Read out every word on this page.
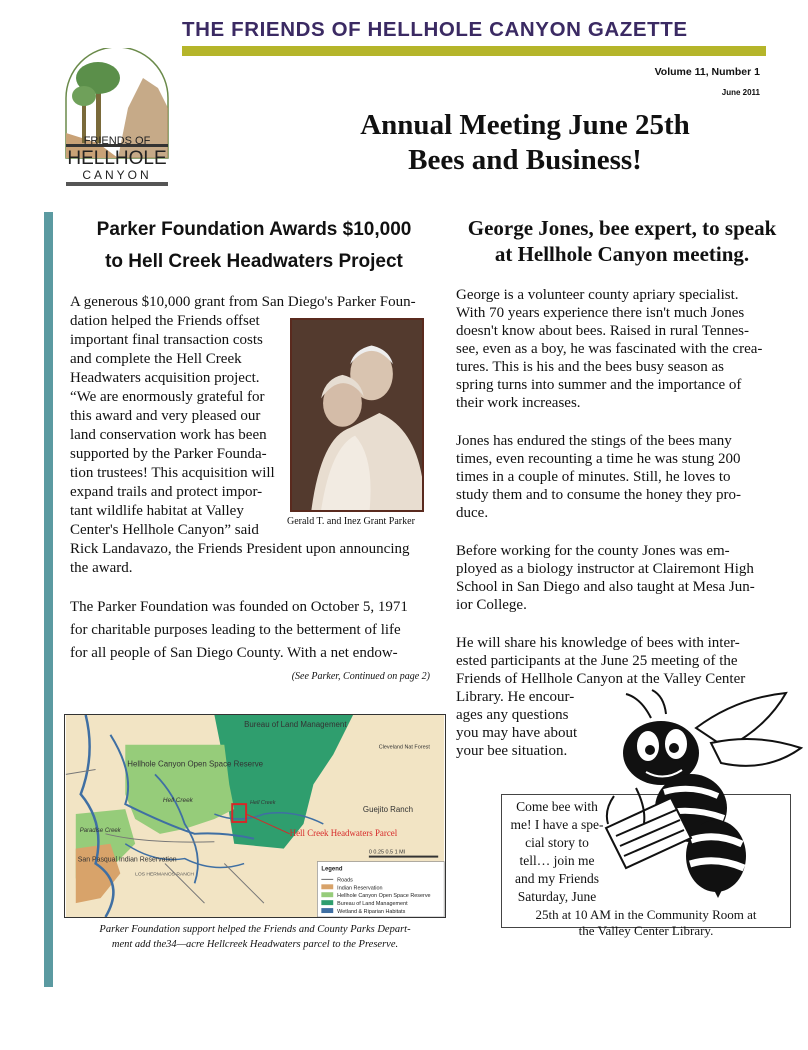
THE FRIENDS OF HELLHOLE CANYON GAZETTE
Volume 11, Number 1
June 2011
FRIENDS OF
HELLHOLE
CANYON
Annual Meeting June 25th
Bees and Business!
Parker Foundation Awards $10,000
to Hell Creek Headwaters Project
A generous $10,000 grant from San Diego's Parker Foun-
dation helped the Friends offset
important final transaction costs
and complete the Hell Creek
Headwaters acquisition project.
“We are enormously grateful for
this award and very pleased our
land conservation work has been
supported by the Parker Founda-
tion trustees! This acquisition will
expand trails and protect impor-
tant wildlife habitat at Valley
Center's Hellhole Canyon” said
Rick Landavazo, the Friends President upon announcing
the award.
The Parker Foundation was founded on October 5, 1971
for charitable purposes leading to the betterment of life
for all people of San Diego County. With a net endow-
(See Parker, Continued on page 2)
Gerald T. and Inez Grant Parker
Bureau of Land Management
Hellhole Canyon Open Space Reserve
Hell Creek	Hell Creek
Hell Creek Headwaters Parcel
Guejito Ranch
Cleveland Nat Forest
Paradise Creek
San Pasqual Indian Reservation
LOS HERMANOS RANCH
0 0.25 0.5 1 MI
Legend
Roads
Indian Reservation
Hellhole Canyon Open Space Reserve
Bureau of Land Management
Wetland & Riparian Habitats
Parker Foundation support helped the Friends and County Parks Depart-
ment add the34—acre Hellcreek Headwaters parcel to the Preserve.
George Jones, bee expert, to speak
at Hellhole Canyon meeting.
George is a volunteer county apriary specialist.
With 70 years experience there isn't much Jones
doesn't know about bees. Raised in rural Tennes-
see, even as a boy, he was fascinated with the crea-
tures. This is his and the bees busy season as
spring turns into summer and the importance of
their work increases.
Jones has endured the stings of the bees many
times, even recounting a time he was stung 200
times in a couple of minutes. Still, he loves to
study them and to consume the honey they pro-
duce.
Before working for the county Jones was em-
ployed as a biology instructor at Clairemont High
School in San Diego and also taught at Mesa Jun-
ior College.
He will share his knowledge of bees with inter-
ested participants at the June 25 meeting of the
Friends of Hellhole Canyon at the Valley Center
Library. He encour-
ages any questions
you may have about
your bee situation.
Come bee with
me! I have a spe-
cial story to
tell… join me
and my Friends
Saturday, June
25th at 10 AM in the Community Room at
the Valley Center Library.
